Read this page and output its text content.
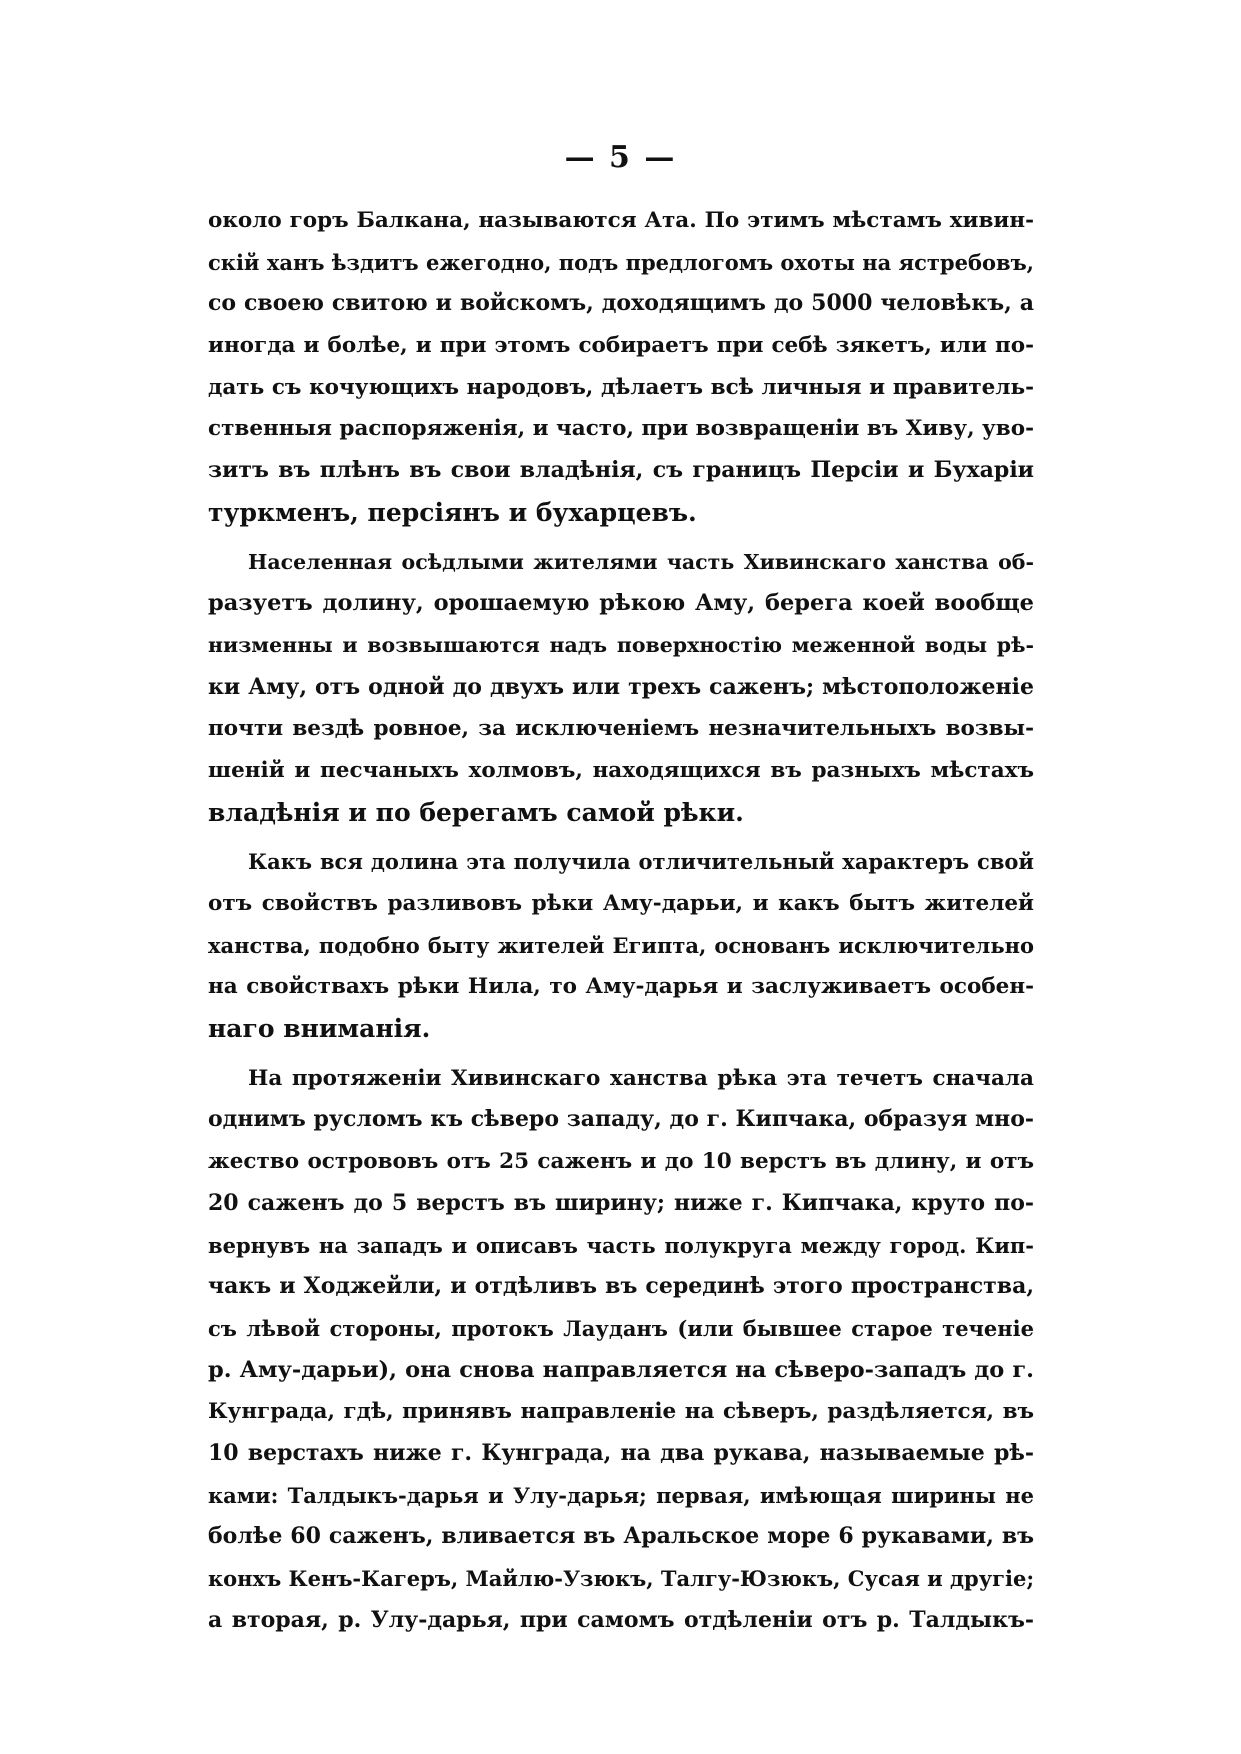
— 5 —
около горъ Балкана, называются Ата. По этимъ мѣстамъ хивин-
скій ханъ ѣздитъ ежегодно, подъ предлогомъ охоты на ястребовъ,
со своею свитою и войскомъ, доходящимъ до 5000 человѣкъ, а
иногда и болѣе, и при этомъ собираетъ при себѣ зякетъ, или по-
дать съ кочующихъ народовъ, дѣлаетъ всѣ личныя и правитель-
ственныя распоряженія, и часто, при возвращеніи въ Хиву, уво-
зитъ въ плѣнъ въ свои владѣнія, съ границъ Персіи и Бухаріи
туркменъ, персіянъ и бухарцевъ.
Населенная осѣдлыми жителями часть Хивинскаго ханства об-
разуетъ долину, орошаемую рѣкою Аму, берега коей вообще
низменны и возвышаются надъ поверхностію меженной воды рѣ-
ки Аму, отъ одной до двухъ или трехъ саженъ; мѣстоположеніе
почти вездѣ ровное, за исключеніемъ незначительныхъ возвы-
шеній и песчаныхъ холмовъ, находящихся въ разныхъ мѣстахъ
владѣнія и по берегамъ самой рѣки.
Какъ вся долина эта получила отличительный характеръ свой
отъ свойствъ разливовъ рѣки Аму-дарьи, и какъ бытъ жителей
ханства, подобно быту жителей Египта, основанъ исключительно
на свойствахъ рѣки Нила, то Аму-дарья и заслуживаетъ особен-
наго вниманія.
На протяженіи Хивинскаго ханства рѣка эта течетъ сначала
однимъ русломъ къ сѣверо западу, до г. Кипчака, образуя мно-
жество острововъ отъ 25 саженъ и до 10 верстъ въ длину, и отъ
20 саженъ до 5 верстъ въ ширину; ниже г. Кипчака, круто по-
вернувъ на западъ и описавъ часть полукруга между город. Кип-
чакъ и Ходжейли, и отдѣливъ въ серединѣ этого пространства,
съ лѣвой стороны, протокъ Лауданъ (или бывшее старое теченіе
р. Аму-дарьи), она снова направляется на сѣверо-западъ до г.
Кунграда, гдѣ, принявъ направленіе на сѣверъ, раздѣляется, въ
10 верстахъ ниже г. Кунграда, на два рукава, называемые рѣ-
ками: Талдыкъ-дарья и Улу-дарья; первая, имѣющая ширины не
болѣе 60 саженъ, вливается въ Аральское море 6 рукавами, въ
конхъ Кенъ-Кагеръ, Майлю-Узюкъ, Талгу-Юзюкъ, Сусая и другіе;
а вторая, р. Улу-дарья, при самомъ отдѣленіи отъ р. Талдыкъ-
